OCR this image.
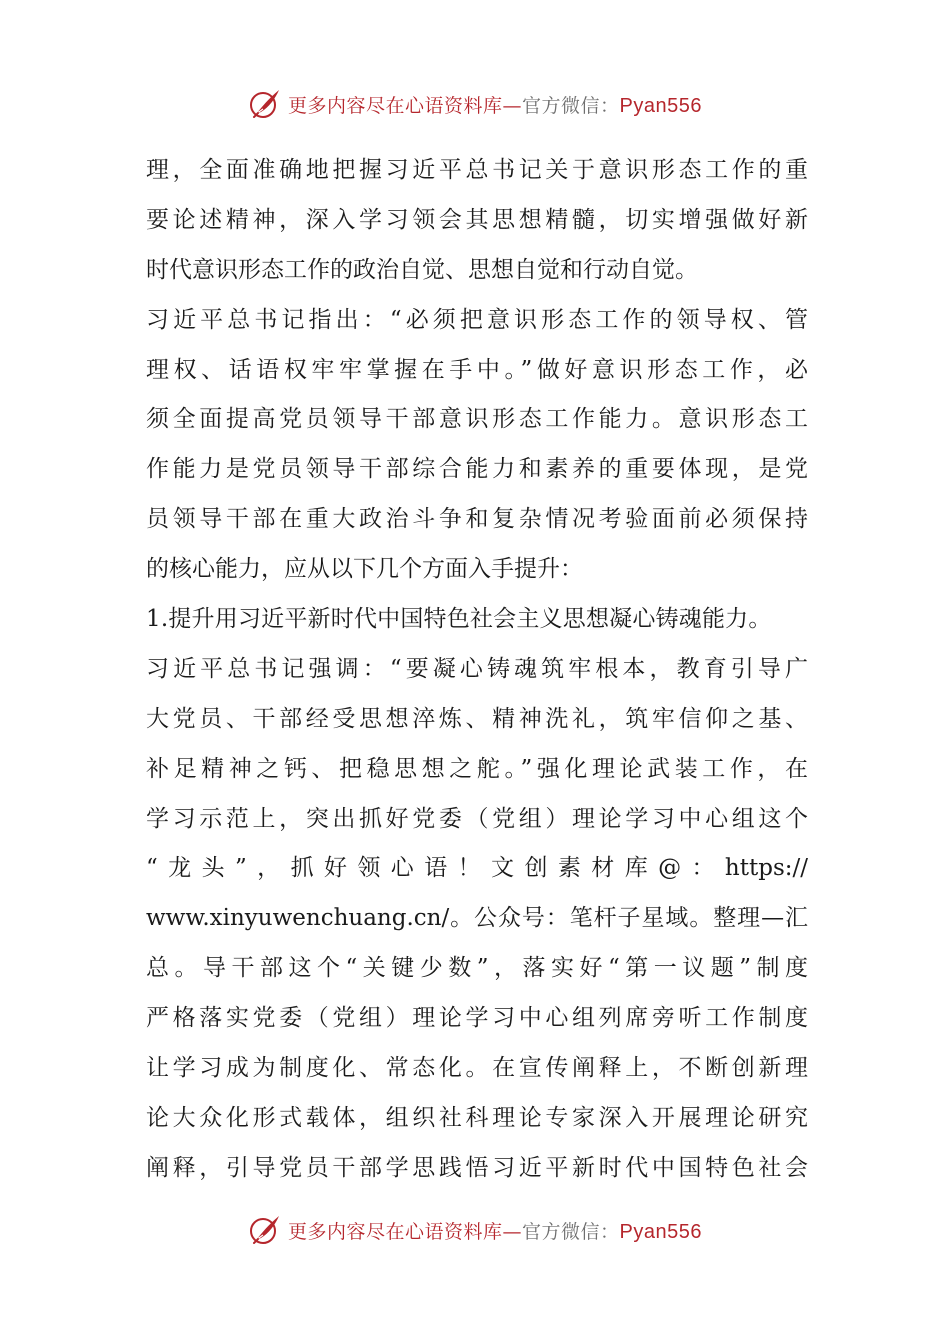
更多内容尽在心语资料库—官方微信：Pyan556
理，全面准确地把握习近平总书记关于意识形态工作的重
要论述精神，深入学习领会其思想精髓，切实增强做好新
时代意识形态工作的政治自觉、思想自觉和行动自觉。
习近平总书记指出：“必须把意识形态工作的领导权、管
理权、话语权牢牢掌握在手中。”做好意识形态工作，必
须全面提高党员领导干部意识形态工作能力。意识形态工
作能力是党员领导干部综合能力和素养的重要体现，是党
员领导干部在重大政治斗争和复杂情况考验面前必须保持
的核心能力，应从以下几个方面入手提升：
1.提升用习近平新时代中国特色社会主义思想凝心铸魂能力。
习近平总书记强调：“要凝心铸魂筑牢根本，教育引导广
大党员、干部经受思想淬炼、精神洗礼，筑牢信仰之基、
补足精神之钙、把稳思想之舵。”强化理论武装工作，在
学习示范上，突出抓好党委（党组）理论学习中心组这个
“龙头”，抓好领心语！文创素材库@：https://
www.xinyuwenchuang.cn/。公众号：笔杆子星域。整理—汇
总。导干部这个“关键少数”，落实好“第一议题”制度
严格落实党委（党组）理论学习中心组列席旁听工作制度
让学习成为制度化、常态化。在宣传阐释上，不断创新理
论大众化形式载体，组织社科理论专家深入开展理论研究
阐释，引导党员干部学思践悟习近平新时代中国特色社会
更多内容尽在心语资料库—官方微信：Pyan556
